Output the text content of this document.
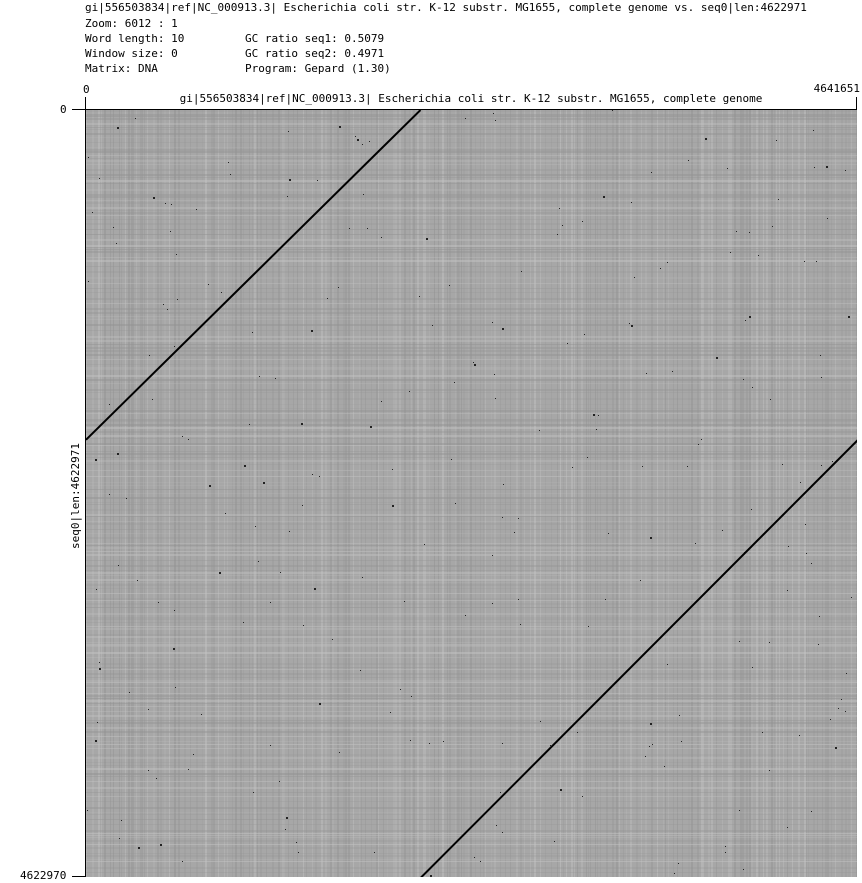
gi|556503834|ref|NC_000913.3| Escherichia coli str. K-12 substr. MG1655, complete genome vs. seq0|len:4622971
Zoom: 6012 : 1
Word length: 10	GC ratio seq1: 0.5079
Window size: 0	GC ratio seq2: 0.4971
Matrix: DNA	Program: Gepard (1.30)
0	4641651
gi|556503834|ref|NC_000913.3| Escherichia coli str. K-12 substr. MG1655, complete genome
0
4622970
seq0|len:4622971
